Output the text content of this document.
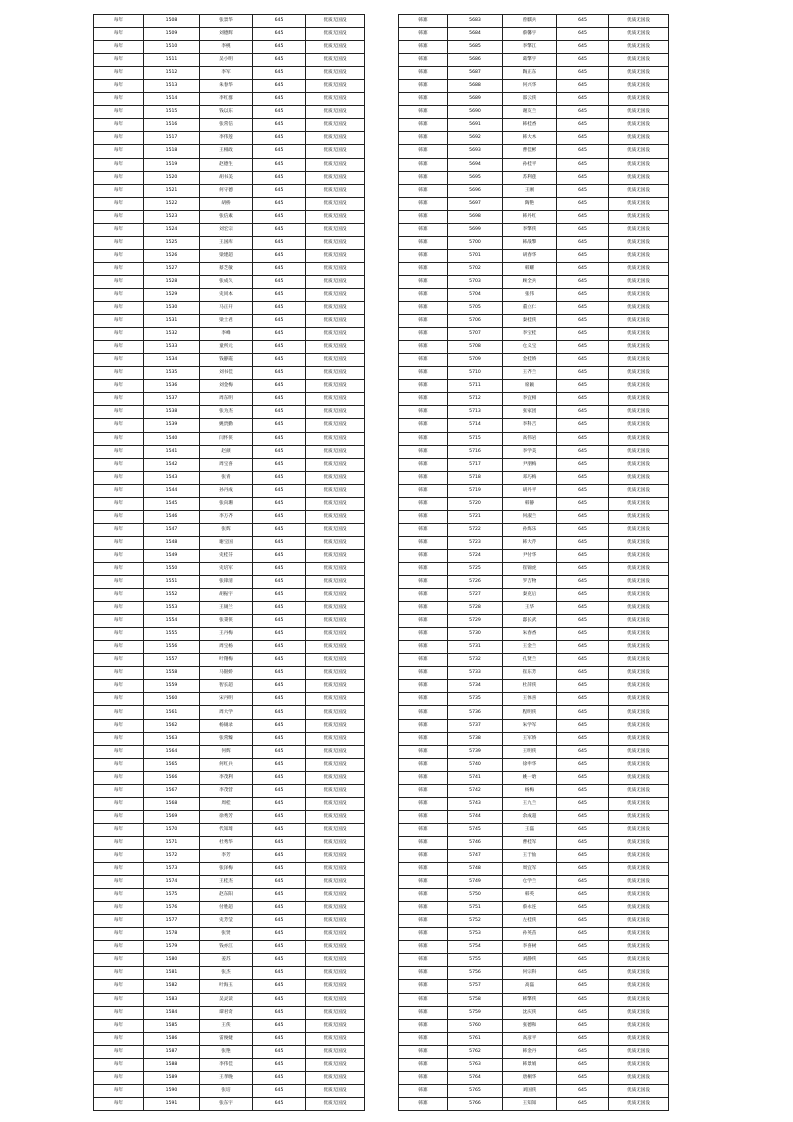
每年	1508	张景华	645	优质无国没
每年	1509	刘德辉	645	优质无国没
每年	1510	李桃	645	优质无国没
每年	1511	吴小明	645	优质无国没
每年	1512	李军	645	优质无国没
每年	1513	朱春华	645	优质无国没
每年	1514	李红群	645	优质无国没
每年	1515	钱以东	645	优质无国没
每年	1516	张常信	645	优质无国没
每年	1517	李伟莲	645	优质无国没
每年	1518	王相政	645	优质无国没
每年	1519	赵德生	645	优质无国没
每年	1520	胡书美	645	优质无国没
每年	1521	何守德	645	优质无国没
每年	1522	胡桥	645	优质无国没
每年	1523	张信素	645	优质无国没
每年	1524	刘宏宗	645	优质无国没
每年	1525	王国库	645	优质无国没
每年	1526	梁建超	645	优质无国没
每年	1527	蔡芝敏	645	优质无国没
每年	1528	张成久	645	优质无国没
每年	1529	史同本	645	优质无国没
每年	1530	马正开	645	优质无国没
每年	1531	梁士君	645	优质无国没
每年	1532	李峰	645	优质无国没
每年	1533	童所元	645	优质无国没
每年	1534	钱静霞	645	优质无国没
每年	1535	刘书佳	645	优质无国没
每年	1536	刘金梅	645	优质无国没
每年	1537	周东明	645	优质无国没
每年	1538	张为杰	645	优质无国没
每年	1539	姚贵勤	645	优质无国没
每年	1540	闫怀侠	645	优质无国没
每年	1541	赵颜	645	优质无国没
每年	1542	周宝喜	645	优质无国没
每年	1543	张青	645	优质无国没
每年	1544	孙丹成	645	优质无国没
每年	1545	张向珊	645	优质无国没
每年	1546	李万齐	645	优质无国没
每年	1547	张辉	645	优质无国没
每年	1548	谢宝国	645	优质无国没
每年	1549	史桂芬	645	优质无国没
每年	1550	史培军	645	优质无国没
每年	1551	张锋清	645	优质无国没
每年	1552	胡振宇	645	优质无国没
每年	1553	王锡兰	645	优质无国没
每年	1554	张秉侠	645	优质无国没
每年	1555	王丹梅	645	优质无国没
每年	1556	周宝杨	645	优质无国没
每年	1557	叶翔梅	645	优质无国没
每年	1558	马银娇	645	优质无国没
每年	1559	智长超	645	优质无国没
每年	1560	宋丹明	645	优质无国没
每年	1561	周大学	645	优质无国没
每年	1562	杨锡录	645	优质无国没
每年	1563	张常臻	645	优质无国没
每年	1564	何辉	645	优质无国没
每年	1565	何红兵	645	优质无国没
每年	1566	李茂利	645	优质无国没
每年	1567	李茂营	645	优质无国没
每年	1568	周桂	645	优质无国没
每年	1569	徐秀芳	645	优质无国没
每年	1570	代知琦	645	优质无国没
每年	1571	杜秀华	645	优质无国没
每年	1572	李芳	645	优质无国没
每年	1573	张泽梅	645	优质无国没
每年	1574	王桂杰	645	优质无国没
每年	1575	赵东阳	645	优质无国没
每年	1576	付胜超	645	优质无国没
每年	1577	史芳莹	645	优质无国没
每年	1578	张贤	645	优质无国没
每年	1579	钱亦江	645	优质无国没
每年	1580	姜苏	645	优质无国没
每年	1581	张杰	645	优质无国没
每年	1582	叶海玉	645	优质无国没
每年	1583	吴灵读	645	优质无国没
每年	1584	谭君奇	645	优质无国没
每年	1585	王侠	645	优质无国没
每年	1586	雷俊婕	645	优质无国没
每年	1587	张艳	645	优质无国没
每年	1588	李伟佳	645	优质无国没
每年	1589	王孝晚	645	优质无国没
每年	1590	张培	645	优质无国没
每年	1591	张东宇	645	优质无国没
韩寨	5683	曾麒兵	645	优质无国没
韩寨	5684	蔡馨宇	645	优质无国没
韩寨	5685	李擎江	645	优质无国没
韩寨	5686	葛擎宇	645	优质无国没
韩寨	5687	陶正东	645	优质无国没
韩寨	5688	何兴华	645	优质无国没
韩寨	5689	邵云侠	645	优质无国没
韩寨	5690	谢友兰	645	优质无国没
韩寨	5691	韩桂香	645	优质无国没
韩寨	5692	韩大木	645	优质无国没
韩寨	5693	曹佳彬	645	优质无国没
韩寨	5694	孙桂平	645	优质无国没
韩寨	5695	苏利莲	645	优质无国没
韩寨	5696	王刚	645	优质无国没
韩寨	5697	陶艳	645	优质无国没
韩寨	5698	韩丹红	645	优质无国没
韩寨	5699	李擎侠	645	优质无国没
韩寨	5700	韩战擎	645	优质无国没
韩寨	5701	胡春华	645	优质无国没
韩寨	5702	韩耀	645	优质无国没
韩寨	5703	顾全兵	645	优质无国没
韩寨	5704	张伟	645	优质无国没
韩寨	5705	董立仁	645	优质无国没
韩寨	5706	秦桂侠	645	优质无国没
韩寨	5707	李宝桂	645	优质无国没
韩寨	5708	仓义宝	645	优质无国没
韩寨	5709	金桂娇	645	优质无国没
韩寨	5710	王齐兰	645	优质无国没
韩寨	5711	席颖	645	优质无国没
韩寨	5712	李宜相	645	优质无国没
韩寨	5713	张家团	645	优质无国没
韩寨	5714	李科吉	645	优质无国没
韩寨	5715	高伟岩	645	优质无国没
韩寨	5716	李学美	645	优质无国没
韩寨	5717	尹朋梅	645	优质无国没
韩寨	5718	邓巧梅	645	优质无国没
韩寨	5719	胡丹平	645	优质无国没
韩寨	5720	韩静	645	优质无国没
韩寨	5721	何淑兰	645	优质无国没
韩寨	5722	孙炼乐	645	优质无国没
韩寨	5723	韩大芹	645	优质无国没
韩寨	5724	尹付华	645	优质无国没
韩寨	5725	崔锦虎	645	优质无国没
韩寨	5726	罗吉物	645	优质无国没
韩寨	5727	秦克后	645	优质无国没
韩寨	5728	王华	645	优质无国没
韩寨	5729	邸长武	645	优质无国没
韩寨	5730	朱春香	645	优质无国没
韩寨	5731	王金兰	645	优质无国没
韩寨	5732	孔贤兰	645	优质无国没
韩寨	5733	崔东芳	645	优质无国没
韩寨	5734	杜萍侠	645	优质无国没
韩寨	5735	王体喜	645	优质无国没
韩寨	5736	程明侠	645	优质无国没
韩寨	5737	朱学军	645	优质无国没
韩寨	5738	王军娇	645	优质无国没
韩寨	5739	王明侠	645	优质无国没
韩寨	5740	徐申华	645	优质无国没
韩寨	5741	姚一晗	645	优质无国没
韩寨	5742	杨梅	645	优质无国没
韩寨	5743	王九兰	645	优质无国没
韩寨	5744	余成超	645	优质无国没
韩寨	5745	王磊	645	优质无国没
韩寨	5746	曹桂军	645	优质无国没
韩寨	5747	王于仙	645	优质无国没
韩寨	5748	周宜军	645	优质无国没
韩寨	5749	仓学兰	645	优质无国没
韩寨	5750	韩英	645	优质无国没
韩寨	5751	蔡永连	645	优质无国没
韩寨	5752	左桂侠	645	优质无国没
韩寨	5753	孙英苗	645	优质无国没
韩寨	5754	李喜树	645	优质无国没
韩寨	5755	刘静侠	645	优质无国没
韩寨	5756	何宗科	645	优质无国没
韩寨	5757	高磊	645	优质无国没
韩寨	5758	韩擎侠	645	优质无国没
韩寨	5759	沈庆侠	645	优质无国没
韩寨	5760	张德和	645	优质无国没
韩寨	5761	高彦平	645	优质无国没
韩寨	5762	韩金丹	645	优质无国没
韩寨	5763	韩景娟	645	优质无国没
韩寨	5764	唐桐华	645	优质无国没
韩寨	5765	刘国侠	645	优质无国没
韩寨	5766	王知知	645	优质无国没
